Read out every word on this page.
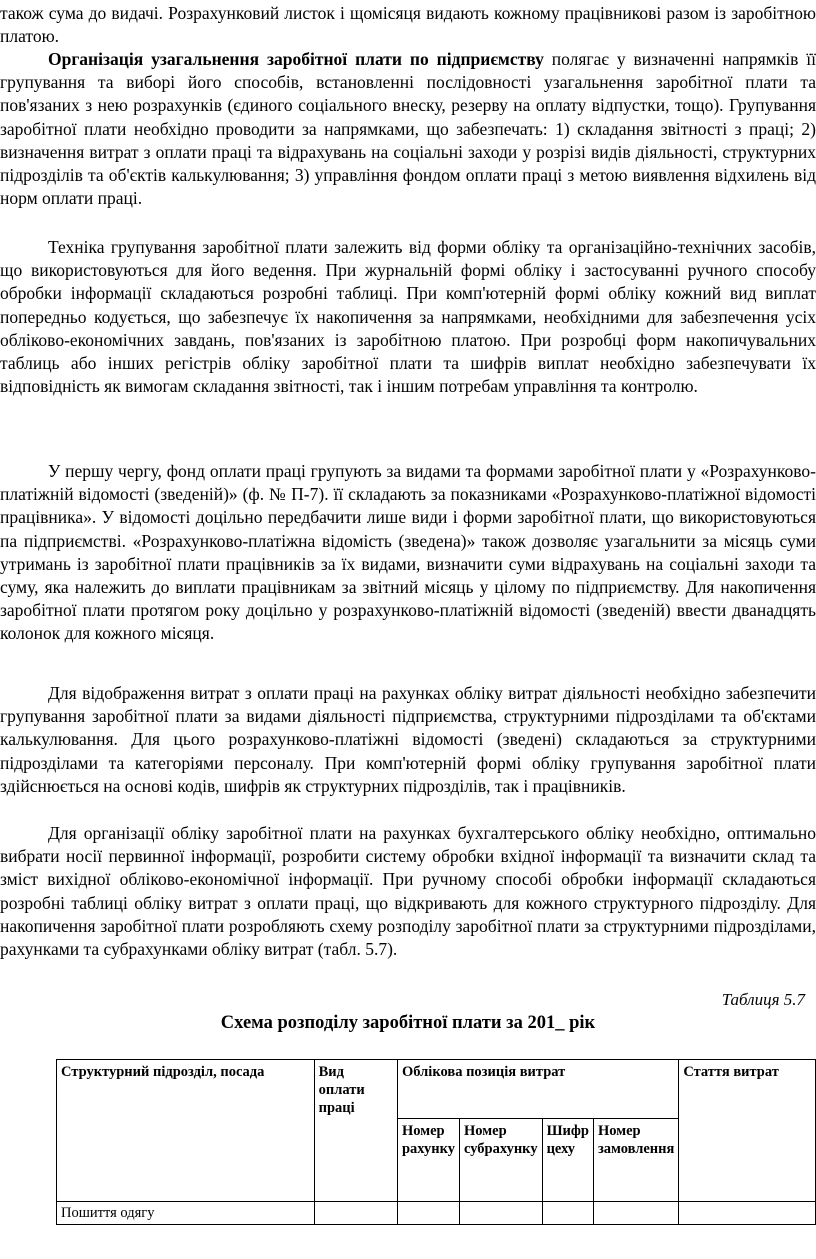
також сума до видачі. Розрахунковий листок і щомісяця видають кожному працівникові разом із заробітною платою.

Організація узагальнення заробітної плати по підприємству полягає у визначенні напрямків її групування та виборі його способів, встановленні послідовності узагальнення заробітної плати та пов'язаних з нею розрахунків (єдиного соціального внеску, резерву на оплату відпустки, тощо). Групування заробітної плати необхідно проводити за напрямками, що забезпечать: 1) складання звітності з праці; 2) визначення витрат з оплати праці та відрахувань на соціальні заходи у розрізі видів діяльності, структурних підрозділів та об'єктів калькулювання; 3) управління фондом оплати праці з метою виявлення відхилень від норм оплати праці.

Техніка групування заробітної плати залежить від форми обліку та організаційно-технічних засобів, що використовуються для його ведення. При журнальній формі обліку і застосуванні ручного способу обробки інформації складаються розробні таблиці. При комп'ютерній формі обліку кожний вид виплат попередньо кодується, що забезпечує їх накопичення за напрямками, необхідними для забезпечення усіх обліково-економічних завдань, пов'язаних із заробітною платою. При розробці форм накопичувальних таблиць або інших регістрів обліку заробітної плати та шифрів виплат необхідно забезпечувати їх відповідність як вимогам складання звітності, так і іншим потребам управління та контролю.

У першу чергу, фонд оплати праці групують за видами та формами заробітної плати у «Розрахунково-платіжній відомості (зведеній)» (ф. № П-7). її складають за показниками «Розрахунково-платіжної відомості працівника». У відомості доцільно передбачити лише види і форми заробітної плати, що використовуються па підприємстві. «Розрахунково-платіжна відомість (зведена)» також дозволяє узагальнити за місяць суми утримань із заробітної плати працівників за їх видами, визначити суми відрахувань на соціальні заходи та суму, яка належить до виплати працівникам за звітний місяць у цілому по підприємству. Для накопичення заробітної плати протягом року доцільно у розрахунково-платіжній відомості (зведеній) ввести дванадцять колонок для кожного місяця.

Для відображення витрат з оплати праці на рахунках обліку витрат діяльності необхідно забезпечити групування заробітної плати за видами діяльності підприємства, структурними підрозділами та об'єктами калькулювання. Для цього розрахунково-платіжні відомості (зведені) складаються за структурними підрозділами та категоріями персоналу. При комп'ютерній формі обліку групування заробітної плати здійснюється на основі кодів, шифрів як структурних підрозділів, так і працівників.

Для організації обліку заробітної плати на рахунках бухгалтерського обліку необхідно, оптимально вибрати носії первинної інформації, розробити систему обробки вхідної інформації та визначити склад та зміст вихідної обліково-економічної інформації. При ручному способі обробки інформації складаються розробні таблиці обліку витрат з оплати праці, що відкривають для кожного структурного підрозділу. Для накопичення заробітної плати розробляють схему розподілу заробітної плати за структурними підрозділами, рахунками та субрахунками обліку витрат (табл. 5.7).

Таблиця 5.7
Схема розподілу заробітної плати за 201_ рік
Структурний підрозділ, посада	Вид оплати праці	Облікова позиція витрат				Стаття витрат
		Номер рахунку	Номер субрахунку	Шифр цеху	Номер замовлення	
Пошиття одягу						
